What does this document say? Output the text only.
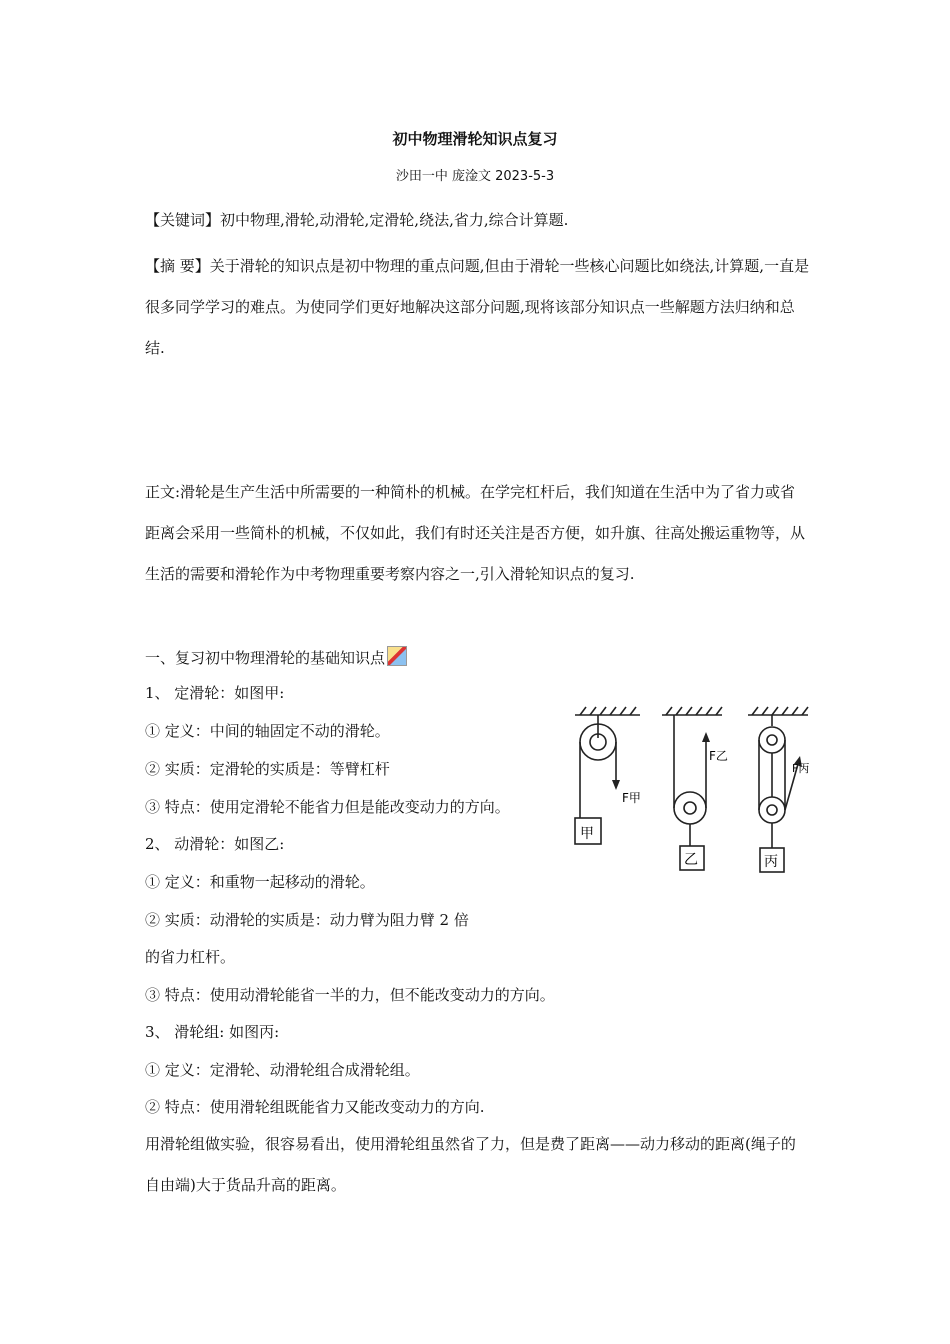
初中物理滑轮知识点复习
沙田一中 庞淦文 2023-5-3
【关键词】初中物理,滑轮,动滑轮,定滑轮,绕法,省力,综合计算题.

【摘 要】关于滑轮的知识点是初中物理的重点问题,但由于滑轮一些核心问题比如绕法,计算题,一直是很多同学学习的难点。为使同学们更好地解决这部分问题,现将该部分知识点一些解题方法归纳和总结.

正文:滑轮是生产生活中所需要的一种简朴的机械。在学完杠杆后，我们知道在生活中为了省力或省距离会采用一些简朴的机械，不仅如此，我们有时还关注是否方便，如升旗、往高处搬运重物等，从生活的需要和滑轮作为中考物理重要考察内容之一,引入滑轮知识点的复习.

一、复习初中物理滑轮的基础知识点
1、 定滑轮：如图甲:
① 定义：中间的轴固定不动的滑轮。
② 实质：定滑轮的实质是：等臂杠杆
③ 特点：使用定滑轮不能省力但是能改变动力的方向。
2、 动滑轮：如图乙:
① 定义：和重物一起移动的滑轮。
② 实质：动滑轮的实质是：动力臂为阻力臂 2 倍
的省力杠杆。
③ 特点：使用动滑轮能省一半的力，但不能改变动力的方向。
3、 滑轮组: 如图丙:
① 定义：定滑轮、动滑轮组合成滑轮组。
② 特点：使用滑轮组既能省力又能改变动力的方向.

用滑轮组做实验，很容易看出，使用滑轮组虽然省了力，但是费了距离——动力移动的距离(绳子的自由端)大于货品升高的距离。

甲
乙	丙
F甲
F乙
F丙
